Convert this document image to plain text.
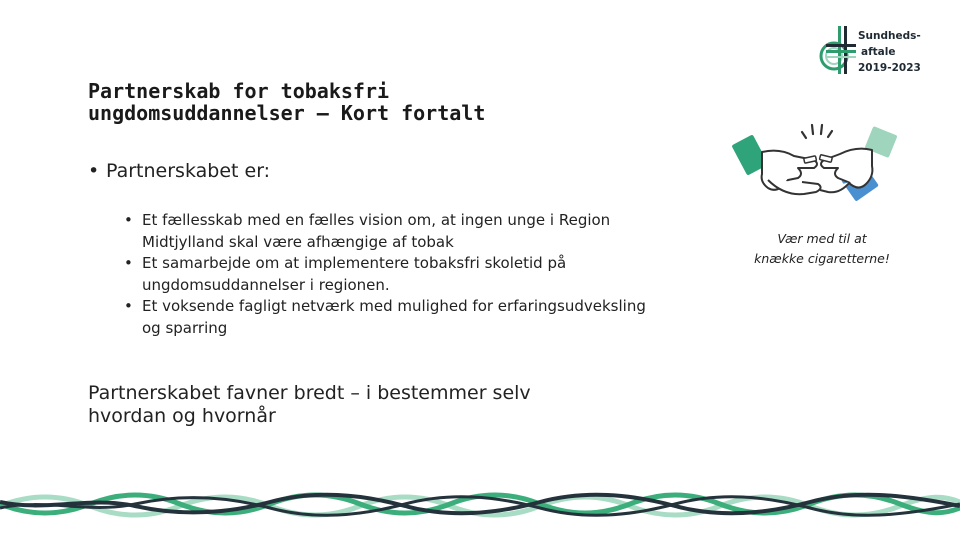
Sundheds-
aftale
2019-2023
Partnerskab for tobaksfri
ungdomsuddannelser – Kort fortalt
• Partnerskabet er:
• Et fællesskab med en fælles vision om, at ingen unge i Region Midtjylland skal være afhængige af tobak
• Et samarbejde om at implementere tobaksfri skoletid på ungdomsuddannelser i regionen.
• Et voksende fagligt netværk med mulighed for erfaringsudveksling og sparring
Partnerskabet favner bredt – i bestemmer selv
hvordan og hvornår
Vær med til at
knække cigaretterne!
